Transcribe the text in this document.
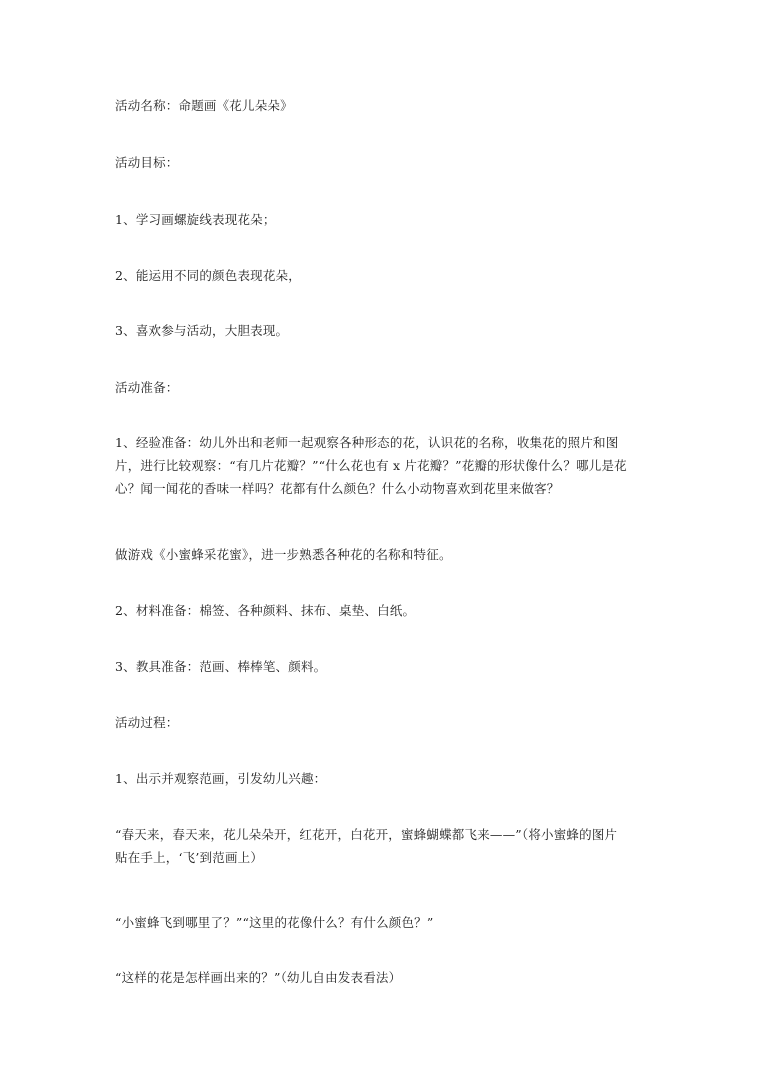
活动名称：命题画《花儿朵朵》

活动目标：

1、学习画螺旋线表现花朵；

2、能运用不同的颜色表现花朵，

3、喜欢参与活动，大胆表现。

活动准备：

1、经验准备：幼儿外出和老师一起观察各种形态的花，认识花的名称，收集花的照片和图
片，进行比较观察：“有几片花瓣？”“什么花也有 x 片花瓣？”花瓣的形状像什么？哪儿是花
心？闻一闻花的香味一样吗？花都有什么颜色？什么小动物喜欢到花里来做客？

做游戏《小蜜蜂采花蜜》，进一步熟悉各种花的名称和特征。

2、材料准备：棉签、各种颜料、抹布、桌垫、白纸。

3、教具准备：范画、棒棒笔、颜料。

活动过程：

1、出示并观察范画，引发幼儿兴趣：

“春天来，春天来，花儿朵朵开，红花开，白花开，蜜蜂蝴蝶都飞来——”（将小蜜蜂的图片
贴在手上，‘飞’到范画上）

“小蜜蜂飞到哪里了？”“这里的花像什么？有什么颜色？”

“这样的花是怎样画出来的？”（幼儿自由发表看法）
